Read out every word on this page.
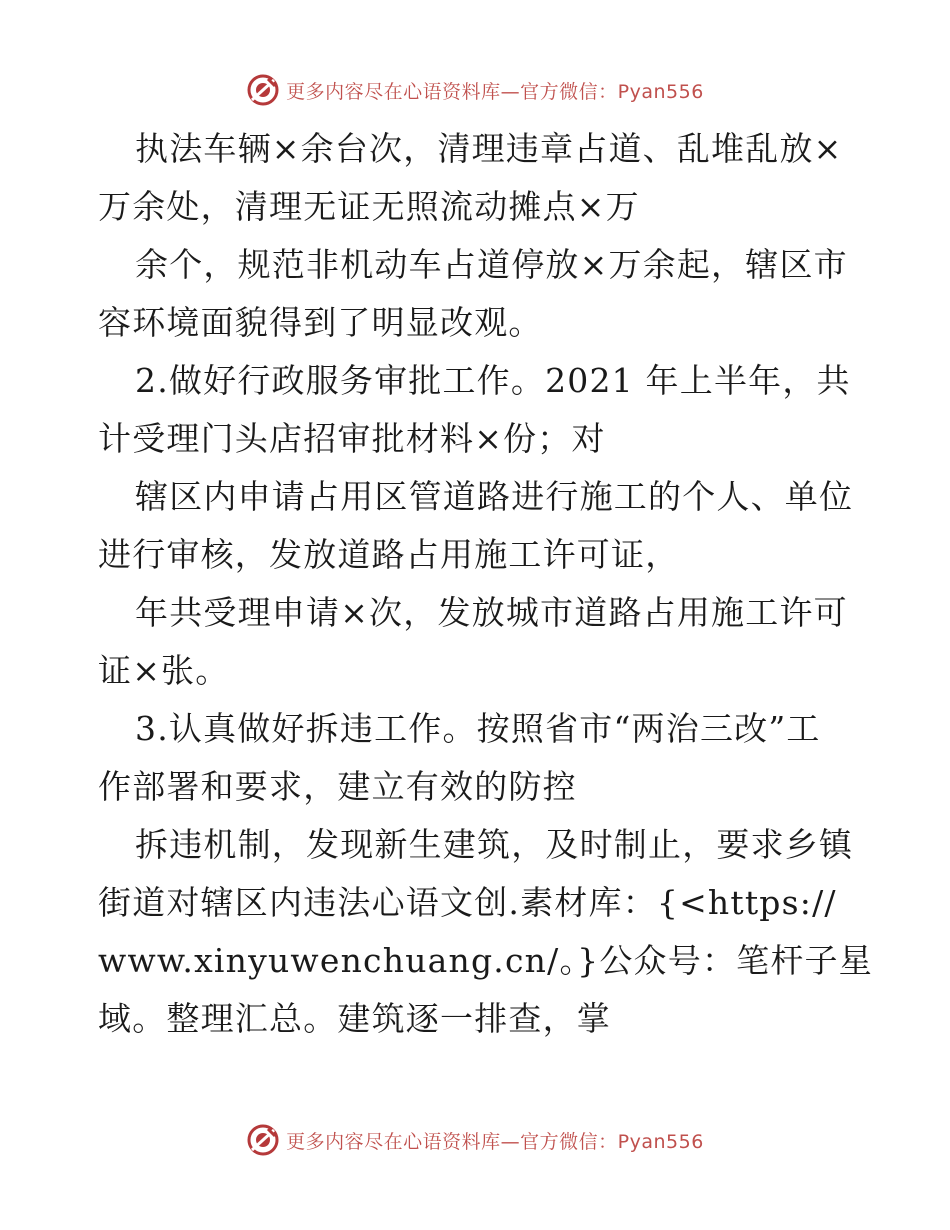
更多内容尽在心语资料库—官方微信：Pyan556
执法车辆×余台次，清理违章占道、乱堆乱放×
万余处，清理无证无照流动摊点×万
余个，规范非机动车占道停放×万余起，辖区市
容环境面貌得到了明显改观。
2.做好行政服务审批工作。2021 年上半年，共
计受理门头店招审批材料×份；对
辖区内申请占用区管道路进行施工的个人、单位
进行审核，发放道路占用施工许可证，
年共受理申请×次，发放城市道路占用施工许可
证×张。
3.认真做好拆违工作。按照省市“两治三改”工
作部署和要求，建立有效的防控
拆违机制，发现新生建筑，及时制止，要求乡镇
街道对辖区内违法心语文创.素材库：{<https://
www.xinyuwenchuang.cn/。}公众号：笔杆子星
域。整理汇总。建筑逐一排查，掌
更多内容尽在心语资料库—官方微信：Pyan556
